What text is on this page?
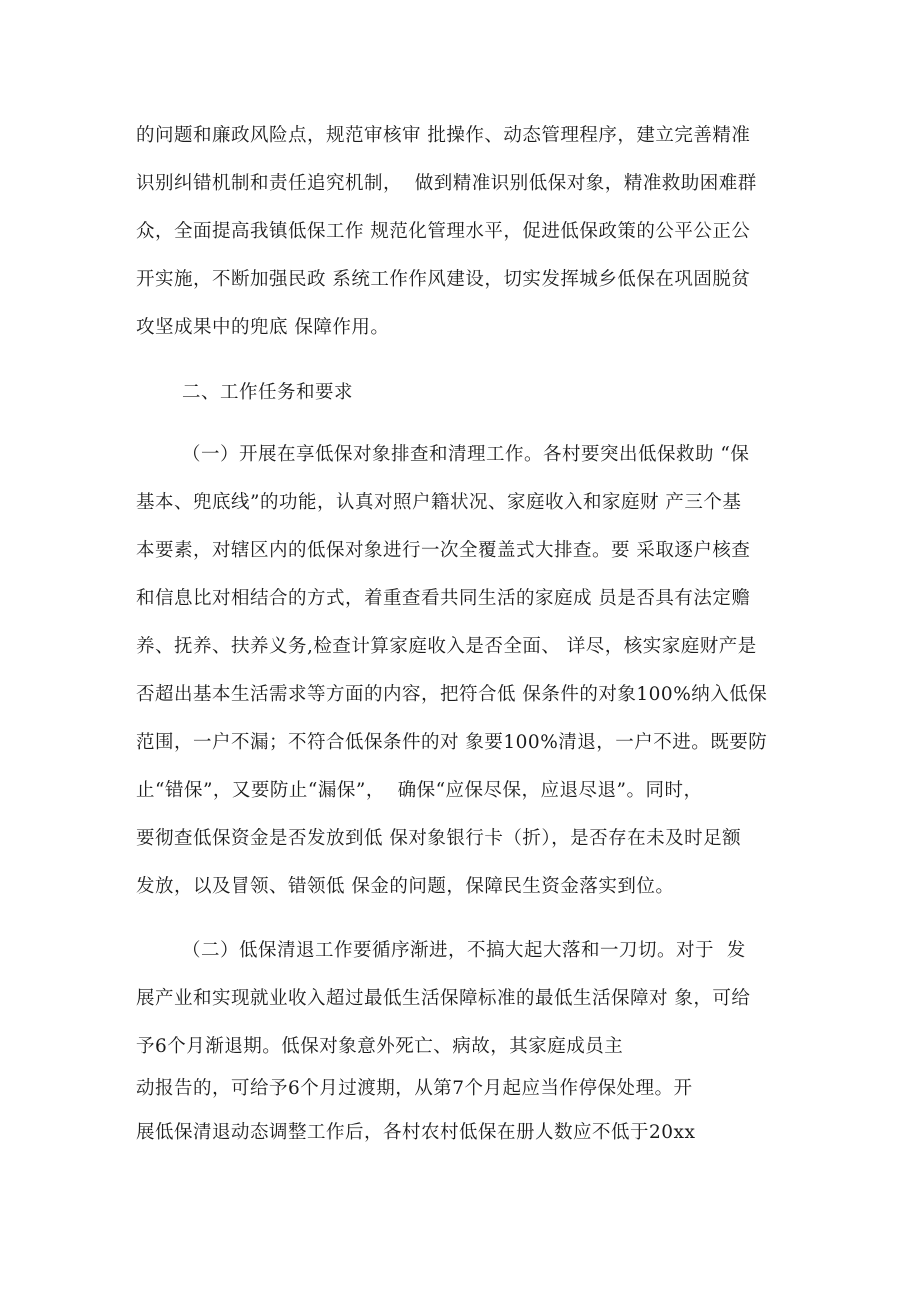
的问题和廉政风险点，规范审核审 批操作、动态管理程序，建立完善精准
识别纠错机制和责任追究机制，  做到精准识别低保对象，精准救助困难群
众，全面提高我镇低保工作 规范化管理水平，促进低保政策的公平公正公
开实施，不断加强民政 系统工作作风建设，切实发挥城乡低保在巩固脱贫
攻坚成果中的兜底 保障作用。
二、工作任务和要求
（一）开展在享低保对象排查和清理工作。各村要突出低保救助 “保
基本、兜底线”的功能，认真对照户籍状况、家庭收入和家庭财 产三个基
本要素，对辖区内的低保对象进行一次全覆盖式大排查。要 采取逐户核查
和信息比对相结合的方式，着重查看共同生活的家庭成 员是否具有法定赡
养、抚养、扶养义务,检查计算家庭收入是否全面、 详尽，核实家庭财产是
否超出基本生活需求等方面的内容，把符合低 保条件的对象100%纳入低保
范围，一户不漏；不符合低保条件的对 象要100%清退，一户不进。既要防
止“错保”，又要防止“漏保”，  确保“应保尽保，应退尽退”。同时，
要彻查低保资金是否发放到低 保对象银行卡（折），是否存在未及时足额
发放，以及冒领、错领低 保金的问题，保障民生资金落实到位。
（二）低保清退工作要循序渐进，不搞大起大落和一刀切。对于  发
展产业和实现就业收入超过最低生活保障标准的最低生活保障对 象，可给
予6个月渐退期。低保对象意外死亡、病故，其家庭成员主
动报告的，可给予6个月过渡期，从第7个月起应当作停保处理。开
展低保清退动态调整工作后，各村农村低保在册人数应不低于20xx
